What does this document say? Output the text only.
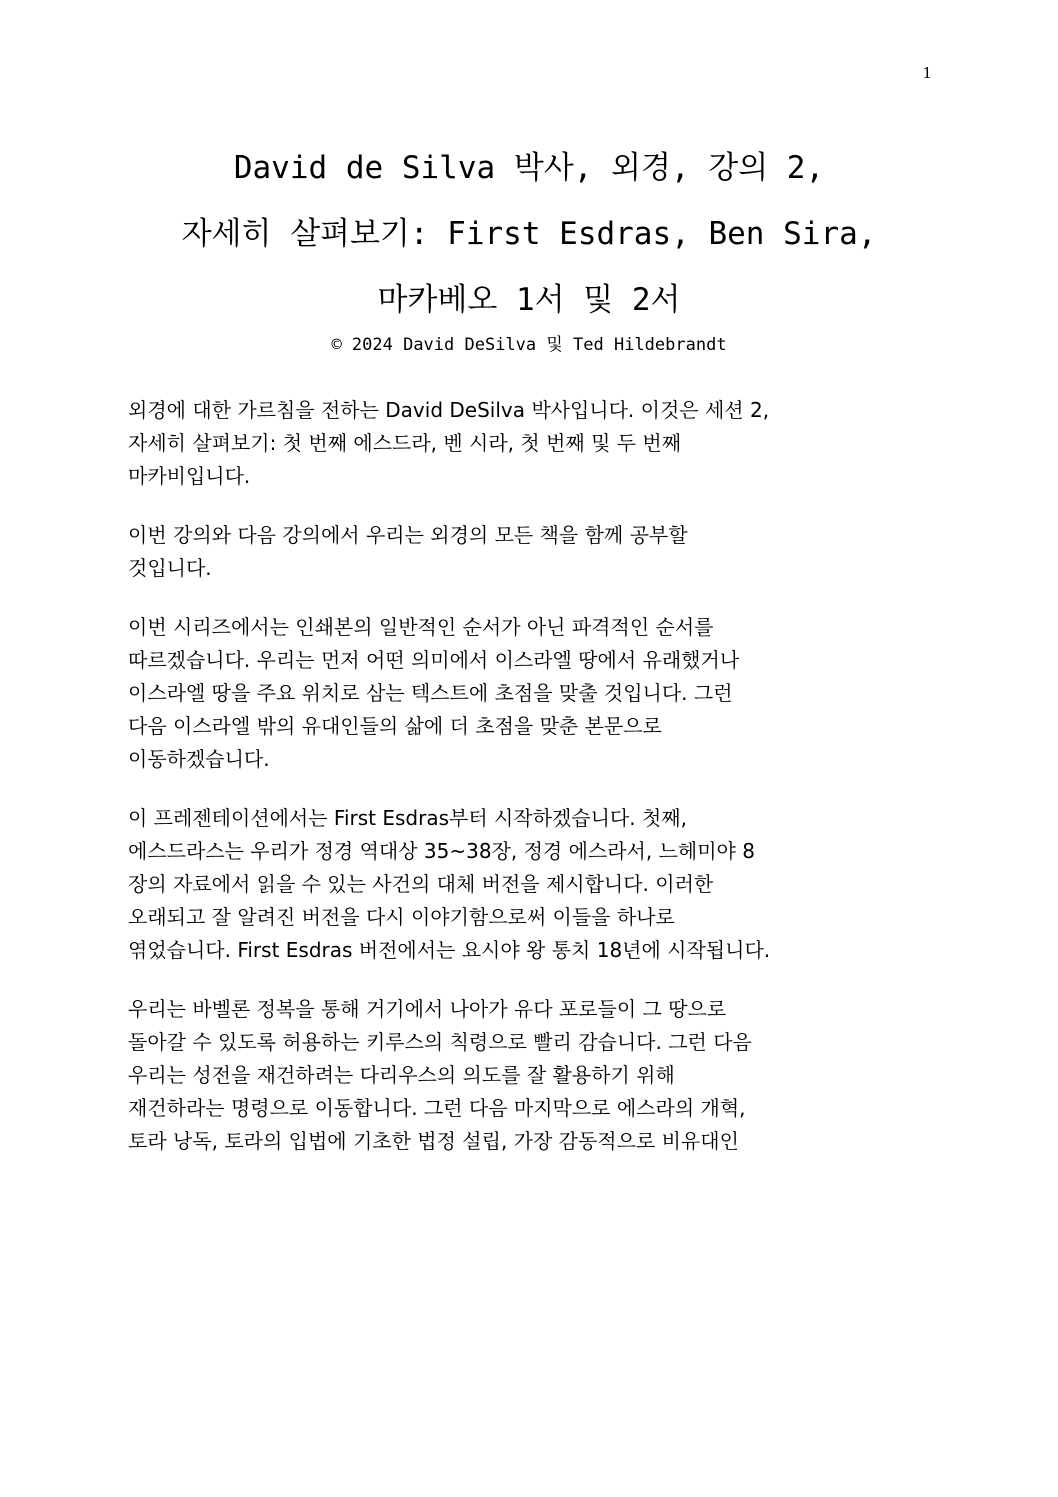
1
David de Silva 박사, 외경, 강의 2,
자세히 살펴보기: First Esdras, Ben Sira,
마카베오 1서 및 2서
© 2024 David DeSilva 및 Ted Hildebrandt

외경에 대한 가르침을 전하는 David DeSilva 박사입니다. 이것은 세션 2,
자세히 살펴보기: 첫 번째 에스드라, 벤 시라, 첫 번째 및 두 번째
마카비입니다.

이번 강의와 다음 강의에서 우리는 외경의 모든 책을 함께 공부할
것입니다.

이번 시리즈에서는 인쇄본의 일반적인 순서가 아닌 파격적인 순서를
따르겠습니다. 우리는 먼저 어떤 의미에서 이스라엘 땅에서 유래했거나
이스라엘 땅을 주요 위치로 삼는 텍스트에 초점을 맞출 것입니다. 그런
다음 이스라엘 밖의 유대인들의 삶에 더 초점을 맞춘 본문으로
이동하겠습니다.

이 프레젠테이션에서는 First Esdras부터 시작하겠습니다. 첫째,
에스드라스는 우리가 정경 역대상 35~38장, 정경 에스라서, 느헤미야 8
장의 자료에서 읽을 수 있는 사건의 대체 버전을 제시합니다. 이러한
오래되고 잘 알려진 버전을 다시 이야기함으로써 이들을 하나로
엮었습니다. First Esdras 버전에서는 요시야 왕 통치 18년에 시작됩니다.

우리는 바벨론 정복을 통해 거기에서 나아가 유다 포로들이 그 땅으로
돌아갈 수 있도록 허용하는 키루스의 칙령으로 빨리 감습니다. 그런 다음
우리는 성전을 재건하려는 다리우스의 의도를 잘 활용하기 위해
재건하라는 명령으로 이동합니다. 그런 다음 마지막으로 에스라의 개혁,
토라 낭독, 토라의 입법에 기초한 법정 설립, 가장 감동적으로 비유대인
